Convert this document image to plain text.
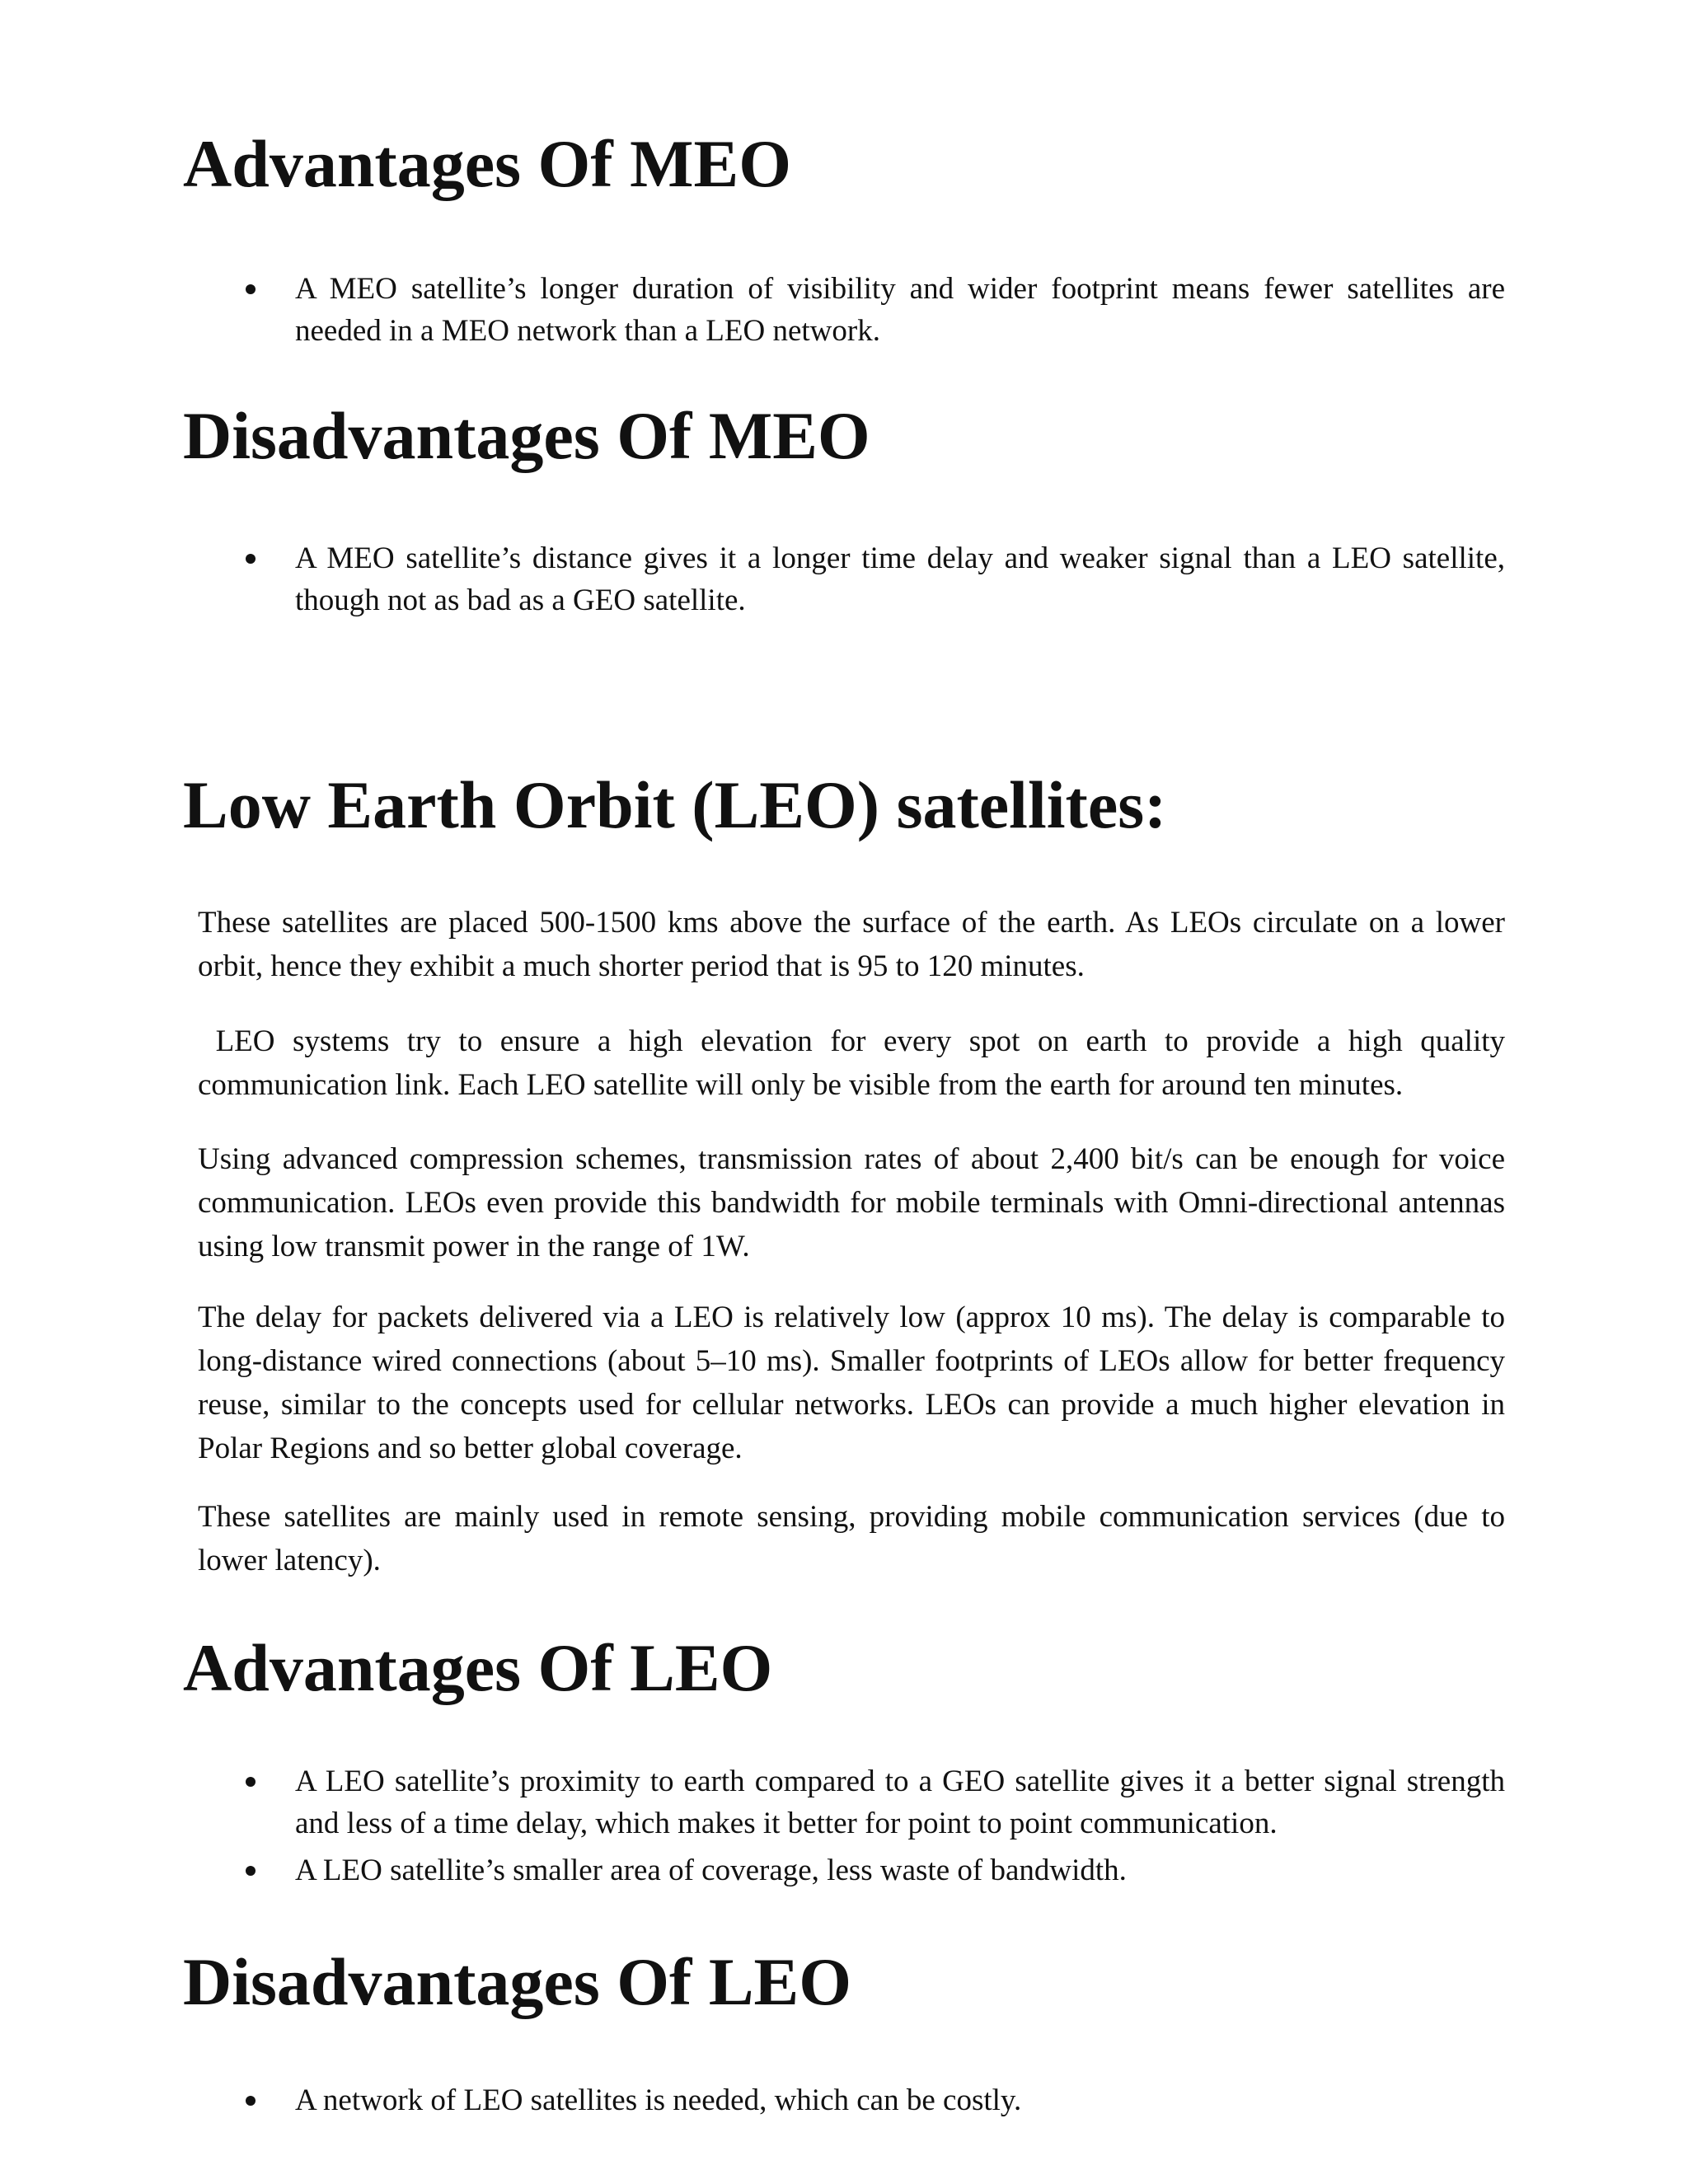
Advantages Of MEO
A MEO satellite’s longer duration of visibility and wider footprint means fewer satellites are needed in a MEO network than a LEO network.
Disadvantages Of MEO
A MEO satellite’s distance gives it a longer time delay and weaker signal than a LEO satellite, though not as bad as a GEO satellite.
Low Earth Orbit (LEO) satellites:

These satellites are placed 500-1500 kms above the surface of the earth. As LEOs circulate on a lower orbit, hence they exhibit a much shorter period that is 95 to 120 minutes.

LEO systems try to ensure a high elevation for every spot on earth to provide a high quality communication link. Each LEO satellite will only be visible from the earth for around ten minutes.

Using advanced compression schemes, transmission rates of about 2,400 bit/s can be enough for voice communication. LEOs even provide this bandwidth for mobile terminals with Omni-directional antennas using low transmit power in the range of 1W.

The delay for packets delivered via a LEO is relatively low (approx 10 ms). The delay is comparable to long-distance wired connections (about 5–10 ms). Smaller footprints of LEOs allow for better frequency reuse, similar to the concepts used for cellular networks. LEOs can provide a much higher elevation in Polar Regions and so better global coverage.

These satellites are mainly used in remote sensing, providing mobile communication services (due to lower latency).

Advantages Of LEO
A LEO satellite’s proximity to earth compared to a GEO satellite gives it a better signal strength and less of a time delay, which makes it better for point to point communication.
A LEO satellite’s smaller area of coverage, less waste of bandwidth.
Disadvantages Of LEO
A network of LEO satellites is needed, which can be costly.
